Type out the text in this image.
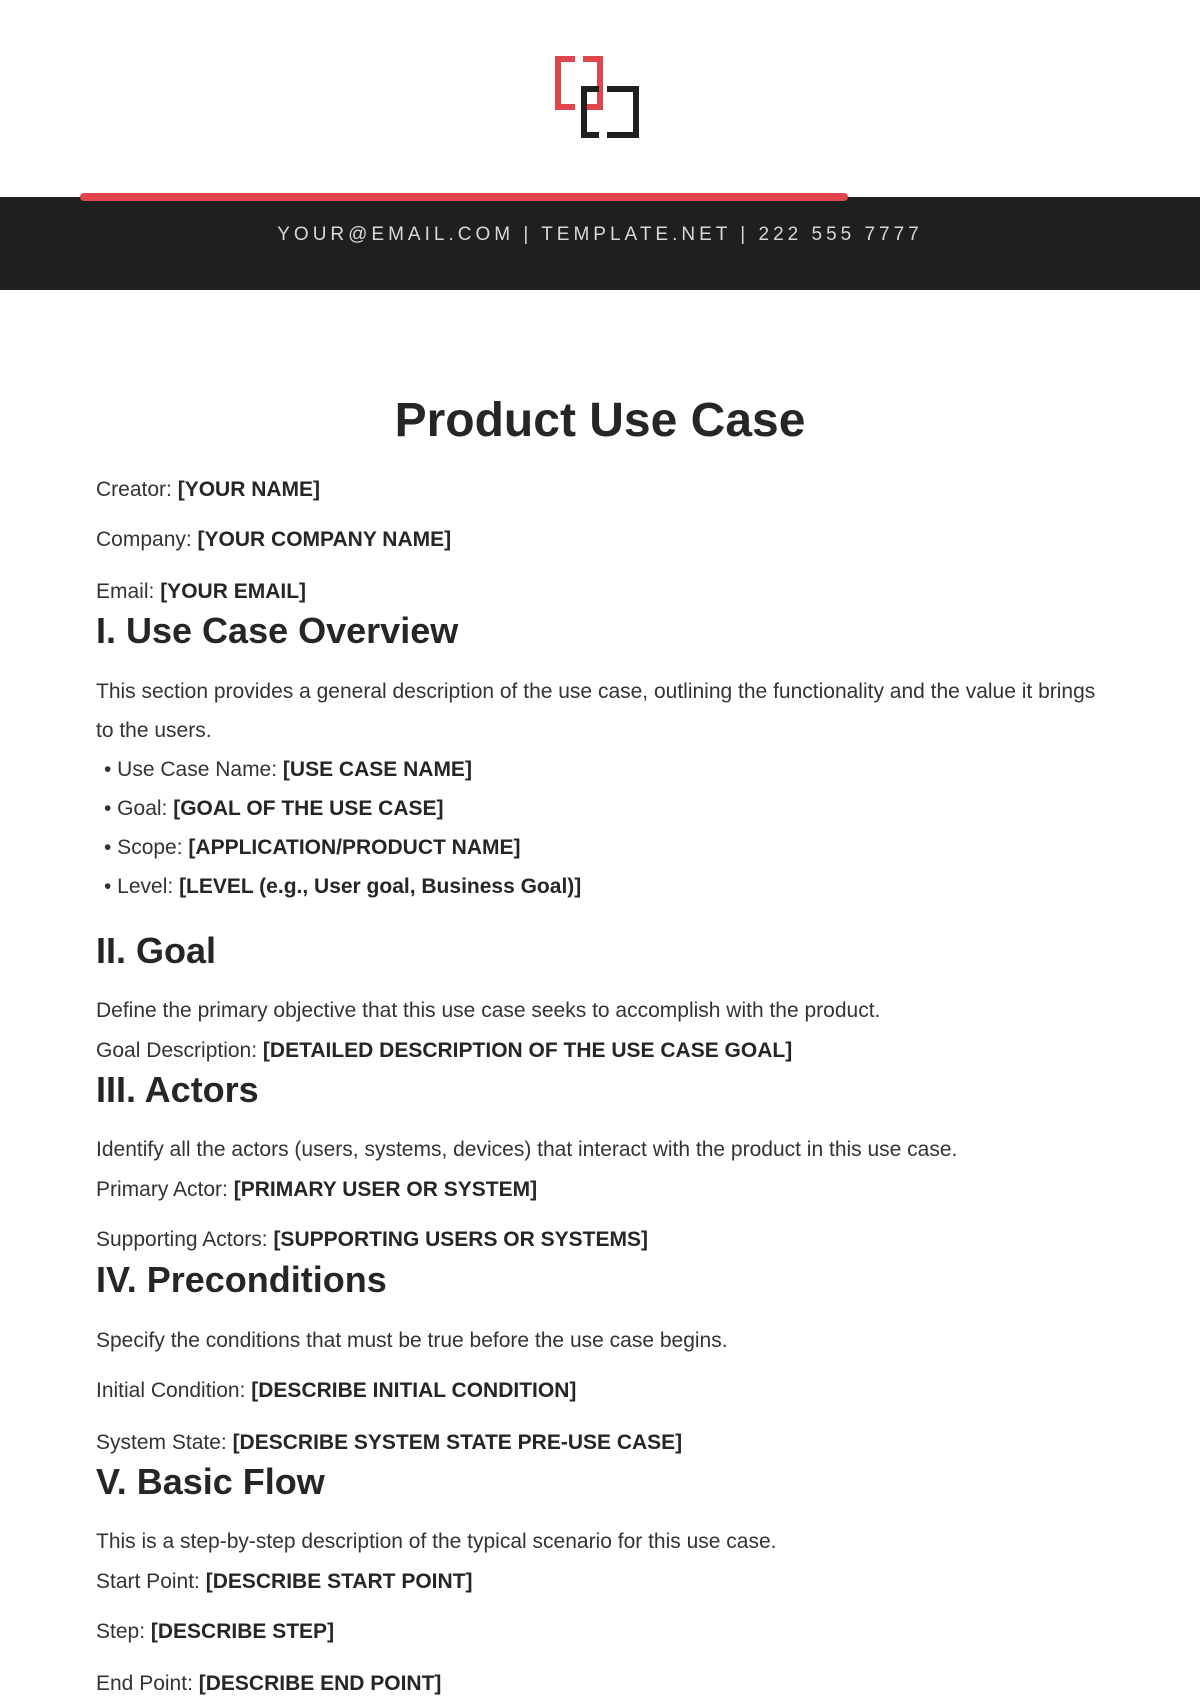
YOUR@EMAIL.COM | TEMPLATE.NET | 222 555 7777
Product Use Case
Creator: [YOUR NAME]
Company: [YOUR COMPANY NAME]
Email: [YOUR EMAIL]
I. Use Case Overview
This section provides a general description of the use case, outlining the functionality and the value it brings to the users.
• Use Case Name: [USE CASE NAME]
• Goal: [GOAL OF THE USE CASE]
• Scope: [APPLICATION/PRODUCT NAME]
• Level: [LEVEL (e.g., User goal, Business Goal)]
II. Goal
Define the primary objective that this use case seeks to accomplish with the product.
Goal Description: [DETAILED DESCRIPTION OF THE USE CASE GOAL]
III. Actors
Identify all the actors (users, systems, devices) that interact with the product in this use case.
Primary Actor: [PRIMARY USER OR SYSTEM]
Supporting Actors: [SUPPORTING USERS OR SYSTEMS]
IV. Preconditions
Specify the conditions that must be true before the use case begins.
Initial Condition: [DESCRIBE INITIAL CONDITION]
System State: [DESCRIBE SYSTEM STATE PRE-USE CASE]
V. Basic Flow
This is a step-by-step description of the typical scenario for this use case.
Start Point: [DESCRIBE START POINT]
Step: [DESCRIBE STEP]
End Point: [DESCRIBE END POINT]
